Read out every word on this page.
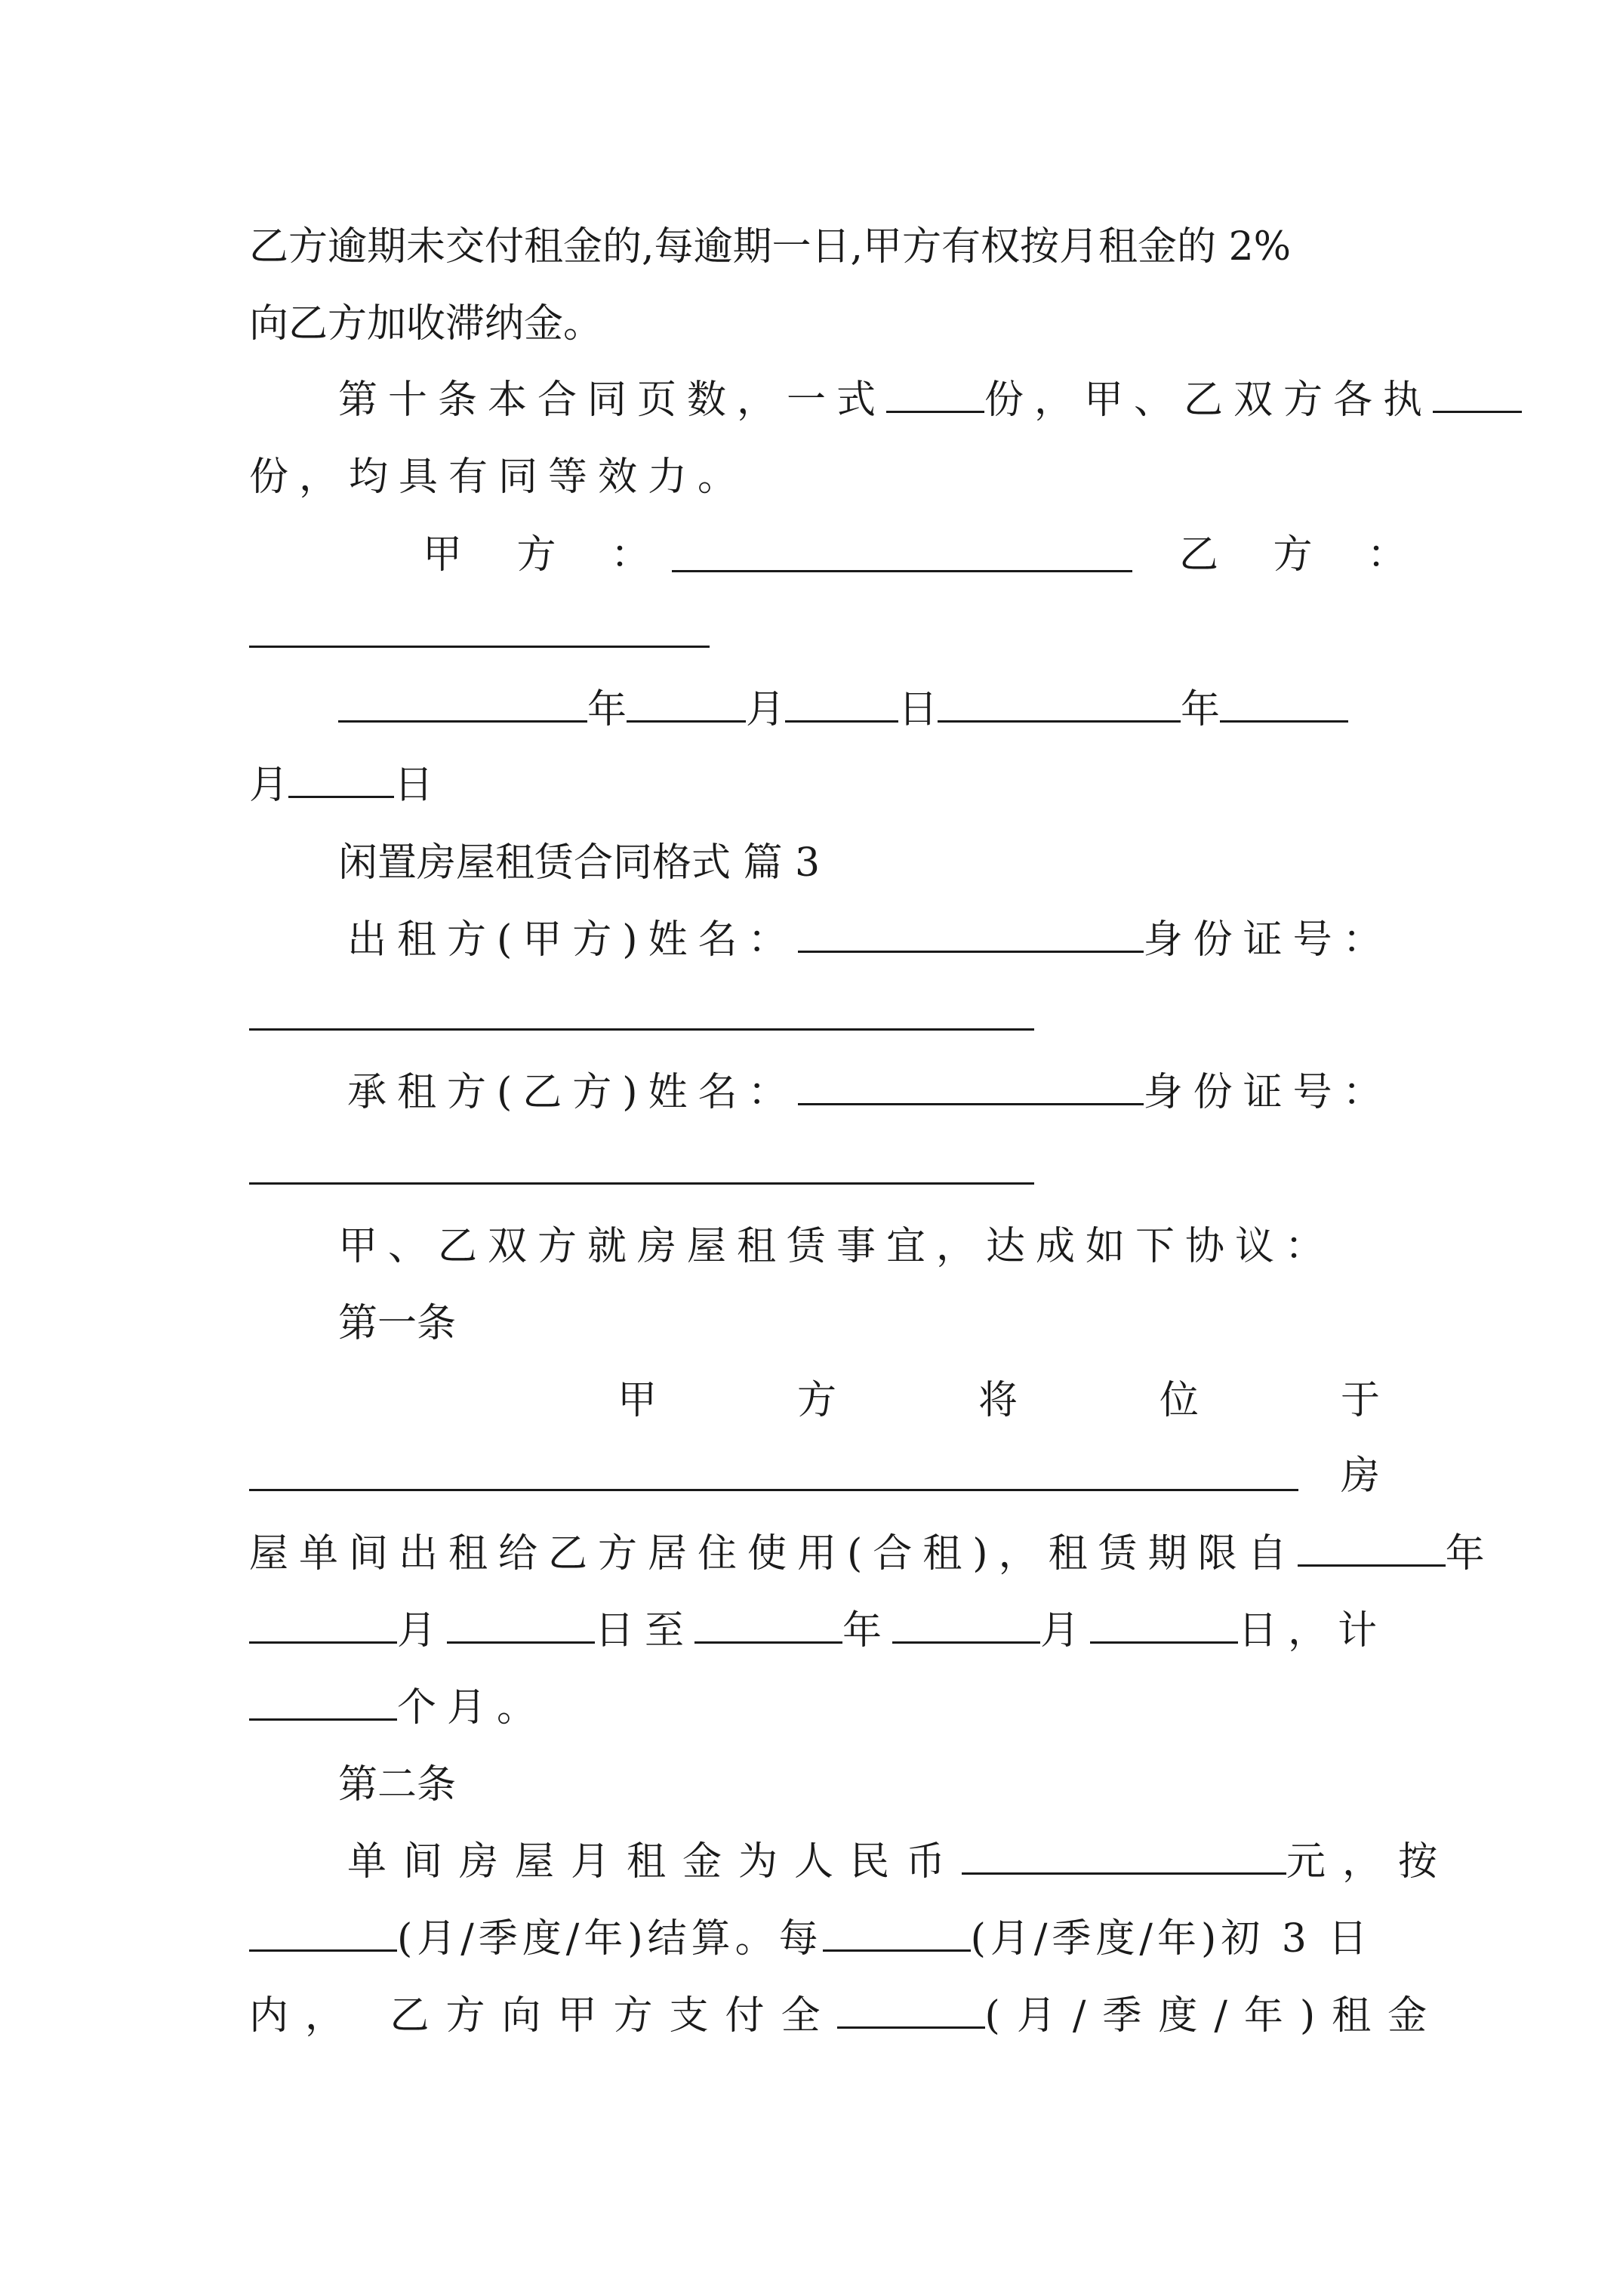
乙方逾期未交付租金的,每逾期一日,甲方有权按月租金的 2%
向乙方加收滞纳金。
第十条本合同页数，一式	份，甲、乙双方各执
份，均具有同等效力。
甲 方 ：	乙 方 ：
年	月	日	年
月	日
闲置房屋租赁合同格式 篇 3
出租方(甲方)姓名：	身份证号：
承租方(乙方)姓名：	身份证号：
甲、乙双方就房屋租赁事宜，达成如下协议：
第一条
甲	方	将	位	于
房
屋单间出租给乙方居住使用(合租)，租赁期限自	年
月	日至	年	月	日，计
个月。
第二条
单间房屋月租金为人民币	元，按
(月/季度/年)结算。每	(月/季度/年)初 3 日
内， 乙方向甲方支付全	(月/季度/年)租金
